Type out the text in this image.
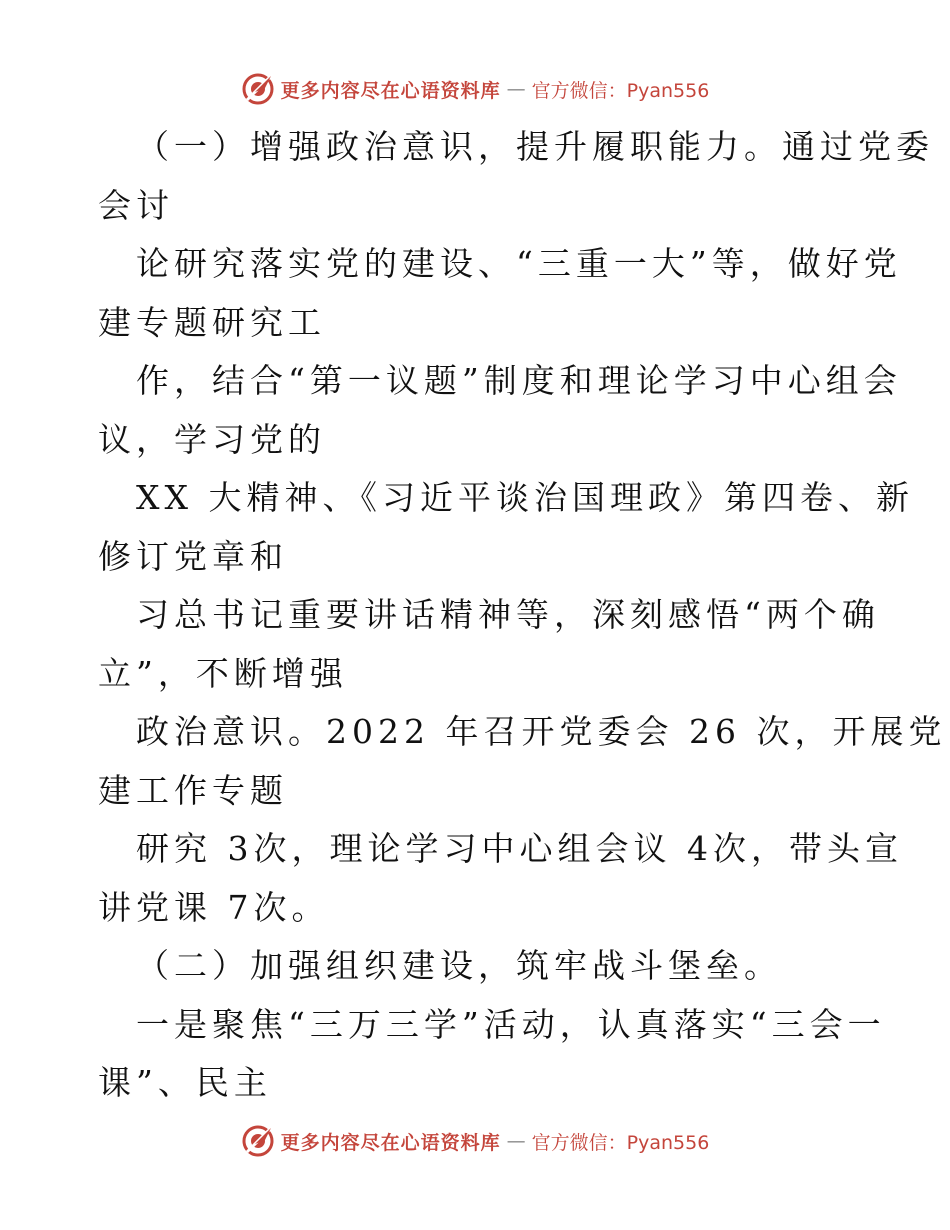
更多内容尽在心语资料库 — 官方微信：Pyan556

（一）增强政治意识，提升履职能力。通过党委
会讨

论研究落实党的建设、“三重一大”等，做好党
建专题研究工

作，结合“第一议题”制度和理论学习中心组会
议，学习党的

XX 大精神、《习近平谈治国理政》第四卷、新
修订党章和

习总书记重要讲话精神等，深刻感悟“两个确
立”，不断增强

政治意识。2022 年召开党委会 26 次，开展党
建工作专题

研究 3次，理论学习中心组会议 4次，带头宣
讲党课 7次。

（二）加强组织建设，筑牢战斗堡垒。

一是聚焦“三万三学”活动，认真落实“三会一
课”、民主

更多内容尽在心语资料库 — 官方微信：Pyan556
